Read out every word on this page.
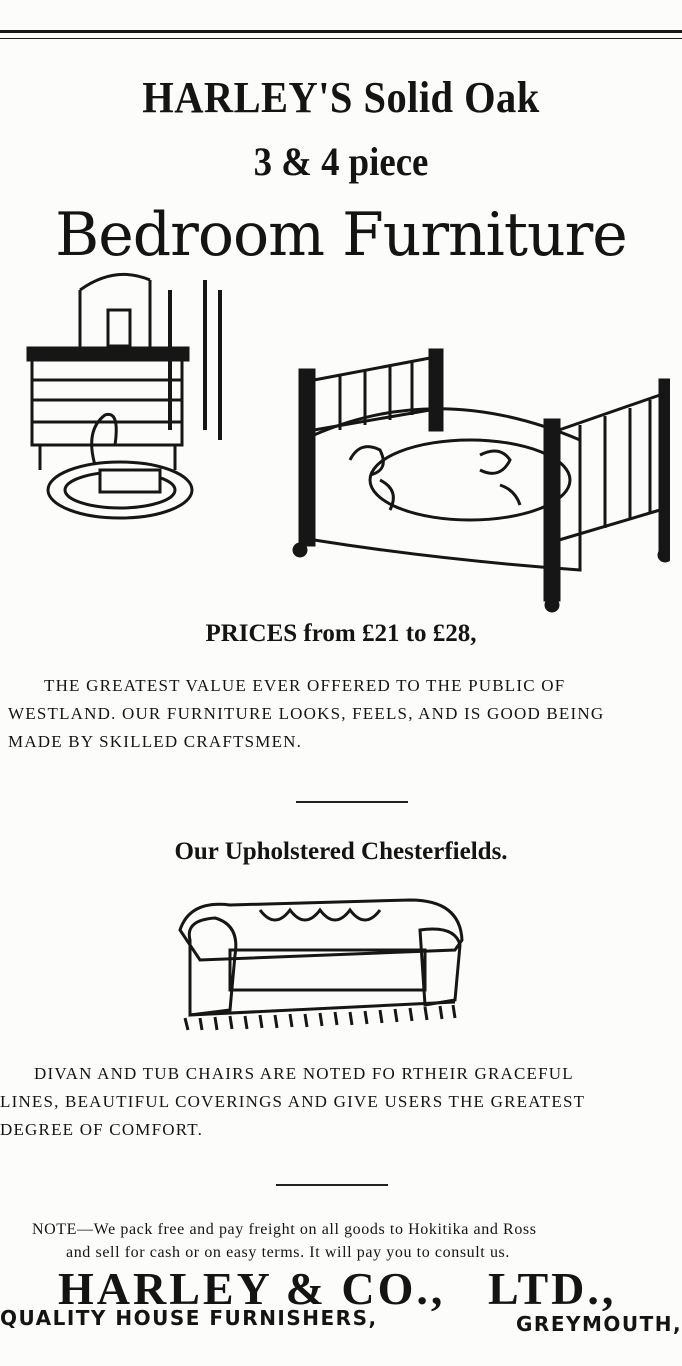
HARLEY'S Solid Oak
3 & 4 piece
Bedroom Furniture
PRICES from £21 to £28,
THE GREATEST VALUE EVER OFFERED TO THE PUBLIC OF
WESTLAND. OUR FURNITURE LOOKS, FEELS, AND IS GOOD BEING
MADE BY SKILLED CRAFTSMEN.
Our Upholstered Chesterfields.
DIVAN AND TUB CHAIRS ARE NOTED FO RTHEIR GRACEFUL
LINES, BEAUTIFUL COVERINGS AND GIVE USERS THE GREATEST
DEGREE OF COMFORT.
NOTE—We pack free and pay freight on all goods to Hokitika and Ross
and sell for cash or on easy terms. It will pay you to consult us.
HARLEY & CO., LTD.,
QUALITY HOUSE FURNISHERS,	GREYMOUTH,
